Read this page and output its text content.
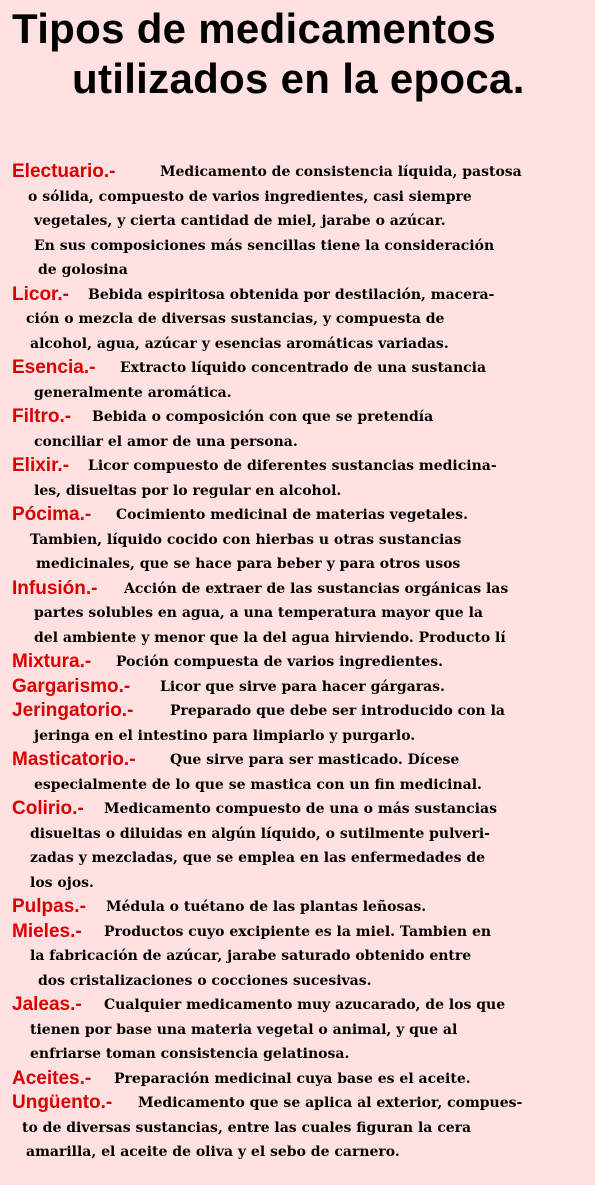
Tipos de medicamentos
utilizados en la epoca.
Electuario.-	Medicamento de consistencia líquida, pastosa
o sólida, compuesto de varios ingredientes, casi siempre
vegetales, y cierta cantidad de miel, jarabe o azúcar.
En sus composiciones más sencillas tiene la consideración
de golosina
Licor.-	Bebida espiritosa obtenida por destilación, macera-
ción o mezcla de diversas sustancias, y compuesta de
alcohol, agua, azúcar y esencias aromáticas variadas.
Esencia.-	Extracto líquido concentrado de una sustancia
generalmente aromática.
Filtro.-	Bebida o composición con que se pretendía
conciliar el amor de una persona.
Elixir.-	Licor compuesto de diferentes sustancias medicina-
les, disueltas por lo regular en alcohol.
Pócima.-	Cocimiento medicinal de materias vegetales.
Tambien, líquido cocido con hierbas u otras sustancias
medicinales, que se hace para beber y para otros usos
Infusión.-	Acción de extraer de las sustancias orgánicas las
partes solubles en agua, a una temperatura mayor que la
del ambiente y menor que la del agua hirviendo. Producto lí
Mixtura.-	Poción compuesta de varios ingredientes.
Gargarismo.-	Licor que sirve para hacer gárgaras.
Jeringatorio.-	Preparado que debe ser introducido con la
jeringa en el intestino para limpiarlo y purgarlo.
Masticatorio.-	Que sirve para ser masticado. Dícese
especialmente de lo que se mastica con un fin medicinal.
Colirio.-	Medicamento compuesto de una o más sustancias
disueltas o diluidas en algún líquido, o sutilmente pulveri-
zadas y mezcladas, que se emplea en las enfermedades de
los ojos.
Pulpas.-	Médula o tuétano de las plantas leñosas.
Mieles.-	Productos cuyo excipiente es la miel. Tambien en
la fabricación de azúcar, jarabe saturado obtenido entre
dos cristalizaciones o cocciones sucesivas.
Jaleas.-	Cualquier medicamento muy azucarado, de los que
tienen por base una materia vegetal o animal, y que al
enfriarse toman consistencia gelatinosa.
Aceites.-	Preparación medicinal cuya base es el aceite.
Ungüento.-	Medicamento que se aplica al exterior, compues-
to de diversas sustancias, entre las cuales figuran la cera
amarilla, el aceite de oliva y el sebo de carnero.
